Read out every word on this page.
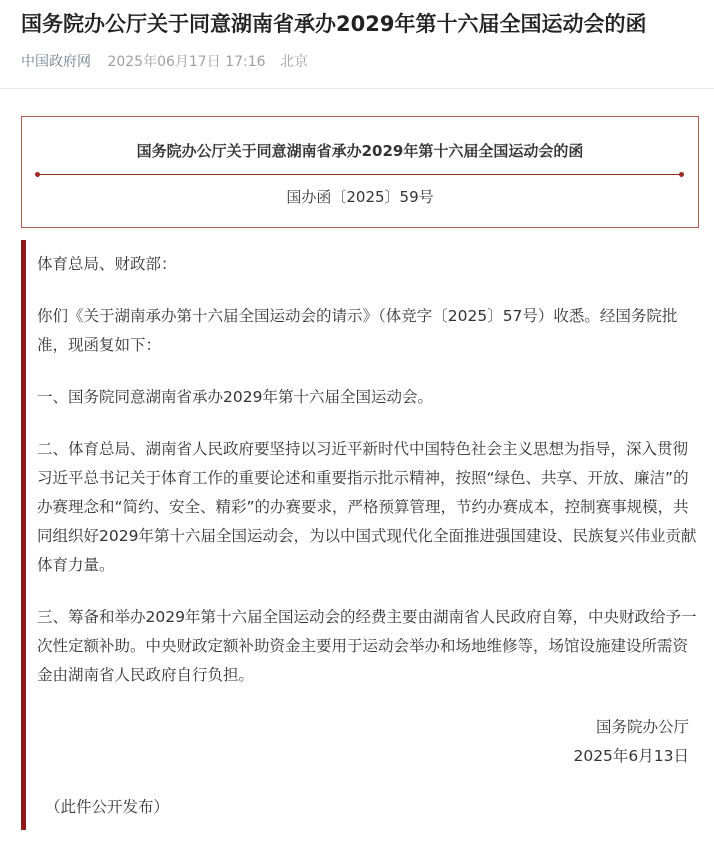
国务院办公厅关于同意湖南省承办2029年第十六届全国运动会的函
中国政府网 2025年06月17日 17:16 北京
国务院办公厅关于同意湖南省承办2029年第十六届全国运动会的函
国办函〔2025〕59号

体育总局、财政部：

你们《关于湖南承办第十六届全国运动会的请示》（体竞字〔2025〕57号）收悉。经国务院批准，现函复如下：

一、国务院同意湖南省承办2029年第十六届全国运动会。

二、体育总局、湖南省人民政府要坚持以习近平新时代中国特色社会主义思想为指导，深入贯彻习近平总书记关于体育工作的重要论述和重要指示批示精神，按照“绿色、共享、开放、廉洁”的办赛理念和“简约、安全、精彩”的办赛要求，严格预算管理，节约办赛成本，控制赛事规模，共同组织好2029年第十六届全国运动会，为以中国式现代化全面推进强国建设、民族复兴伟业贡献体育力量。

三、筹备和举办2029年第十六届全国运动会的经费主要由湖南省人民政府自筹，中央财政给予一次性定额补助。中央财政定额补助资金主要用于运动会举办和场地维修等，场馆设施建设所需资金由湖南省人民政府自行负担。

国务院办公厅

2025年6月13日

（此件公开发布）
